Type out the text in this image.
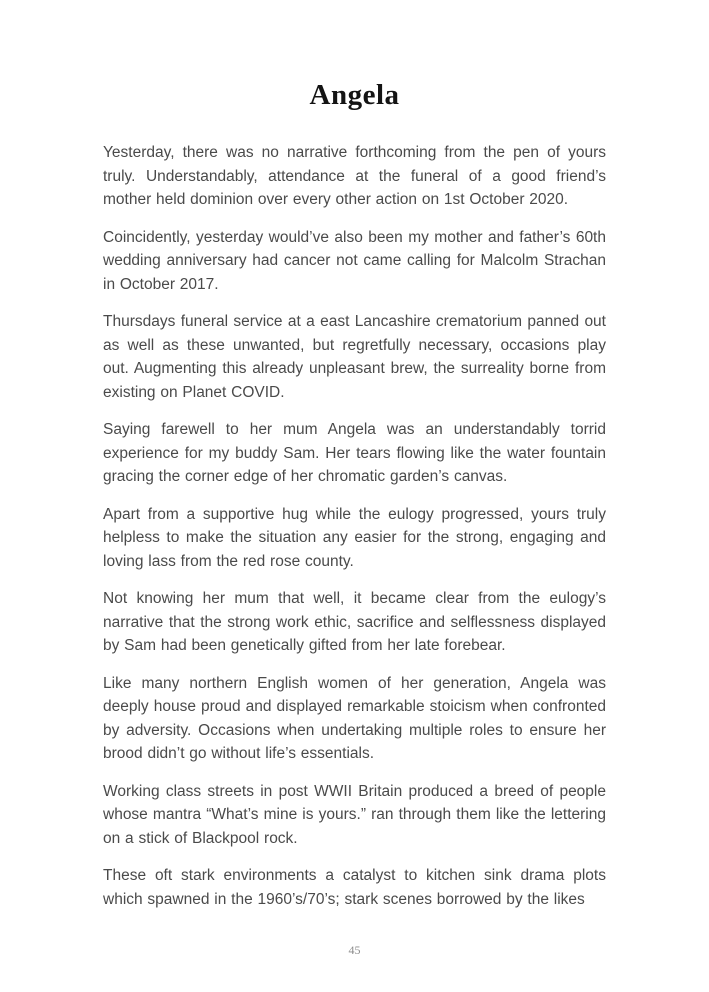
Angela

Yesterday, there was no narrative forthcoming from the pen of yours truly. Understandably, attendance at the funeral of a good friend’s mother held dominion over every other action on 1st October 2020.

Coincidently, yesterday would’ve also been my mother and father’s 60th wedding anniversary had cancer not came calling for Malcolm Strachan in October 2017.

Thursdays funeral service at a east Lancashire crematorium panned out as well as these unwanted, but regretfully necessary, occasions play out. Augmenting this already unpleasant brew, the surreality borne from existing on Planet COVID.

Saying farewell to her mum Angela was an understandably torrid experience for my buddy Sam. Her tears flowing like the water fountain gracing the corner edge of her chromatic garden’s canvas.

Apart from a supportive hug while the eulogy progressed, yours truly helpless to make the situation any easier for the strong, engaging and loving lass from the red rose county.

Not knowing her mum that well, it became clear from the eulogy’s narrative that the strong work ethic, sacrifice and selflessness displayed by Sam had been genetically gifted from her late forebear.

Like many northern English women of her generation, Angela was deeply house proud and displayed remarkable stoicism when confronted by adversity. Occasions when undertaking multiple roles to ensure her brood didn’t go without life’s essentials.

Working class streets in post WWII Britain produced a breed of people whose mantra “What’s mine is yours.” ran through them like the lettering on a stick of Blackpool rock.

These oft stark environments a catalyst to kitchen sink drama plots which spawned in the 1960’s/70’s; stark scenes borrowed by the likes

45
